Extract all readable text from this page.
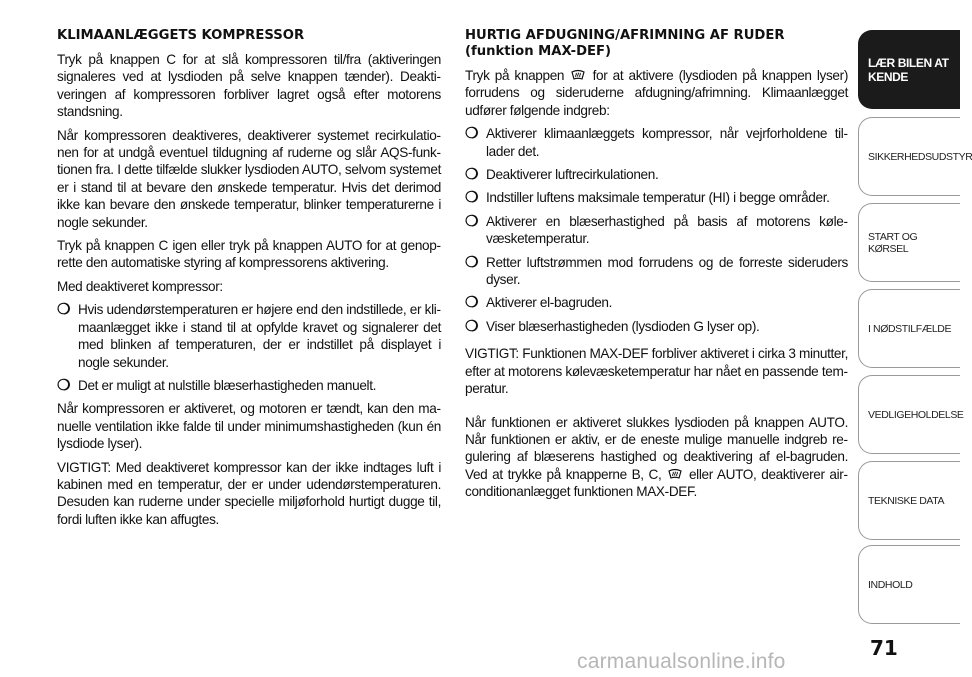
KLIMAANLÆGGETS KOMPRESSOR

Tryk på knappen C for at slå kompressoren til/fra (aktiveringen signaleres ved at lysdioden på selve knappen tænder). Deaktiveringen af kompressoren forbliver lagret også efter motorens standsning.

Når kompressoren deaktiveres, deaktiverer systemet recirkulationen for at undgå eventuel tildugning af ruderne og slår AQS-funktionen fra. I dette tilfælde slukker lysdioden AUTO, selvom systemet er i stand til at bevare den ønskede temperatur. Hvis det derimod ikke kan bevare den ønskede temperatur, blinker temperaturerne i nogle sekunder.

Tryk på knappen C igen eller tryk på knappen AUTO for at genoprette den automatiske styring af kompressorens aktivering.

Med deaktiveret kompressor:

❍ Hvis udendørstemperaturen er højere end den indstillede, er klimaanlægget ikke i stand til at opfylde kravet og signalerer det med blinken af temperaturen, der er indstillet på displayet i nogle sekunder.
❍ Det er muligt at nulstille blæserhastigheden manuelt.

Når kompressoren er aktiveret, og motoren er tændt, kan den manuelle ventilation ikke falde til under minimumshastigheden (kun én lysdiode lyser).

VIGTIGT: Med deaktiveret kompressor kan der ikke indtages luft i kabinen med en temperatur, der er under udendørstemperaturen. Desuden kan ruderne under specielle miljøforhold hurtigt dugge til, fordi luften ikke kan affugtes.

HURTIG AFDUGNING/AFRIMNING AF RUDER (funktion MAX-DEF)

Tryk på knappen for at aktivere (lysdioden på knappen lyser) forrudens og sideruderne afdugning/afrimning. Klimaanlægget udfører følgende indgreb:

❍ Aktiverer klimaanlæggets kompressor, når vejrforholdene tillader det.
❍ Deaktiverer luftrecirkulationen.
❍ Indstiller luftens maksimale temperatur (HI) i begge områder.
❍ Aktiverer en blæserhastighed på basis af motorens kølevæsketemperatur.
❍ Retter luftstrømmen mod forrudens og de forreste sideruders dyser.
❍ Aktiverer el-bagruden.
❍ Viser blæserhastigheden (lysdioden G lyser op).

VIGTIGT: Funktionen MAX-DEF forbliver aktiveret i cirka 3 minutter, efter at motorens kølevæsketemperatur har nået en passende temperatur.

Når funktionen er aktiveret slukkes lysdioden på knappen AUTO. Når funktionen er aktiv, er de eneste mulige manuelle indgreb regulering af blæserens hastighed og deaktivering af el-bagruden. Ved at trykke på knapperne B, C, eller AUTO, deaktiverer airconditionanlægget funktionen MAX-DEF.

LÆR BILEN AT KENDE
SIKKERHEDSUDSTYR
START OG KØRSEL
I NØDSTILFÆLDE
VEDLIGEHOLDELSE
TEKNISKE DATA
INDHOLD
71
carmanualsonline.info
